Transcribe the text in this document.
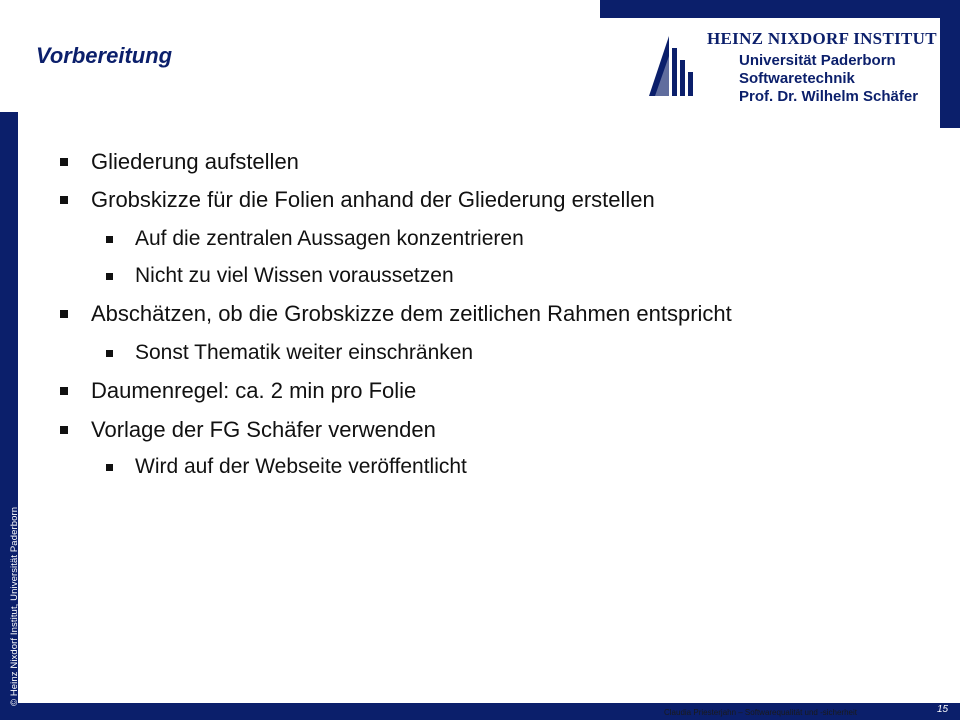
© Heinz Nixdorf Institut, Universität Paderborn
Vorbereitung
HEINZ NIXDORF INSTITUT
Universität Paderborn
Softwaretechnik
Prof. Dr. Wilhelm Schäfer
Gliederung aufstellen
Grobskizze für die Folien anhand der Gliederung erstellen
Auf die zentralen Aussagen konzentrieren
Nicht zu viel Wissen voraussetzen
Abschätzen, ob die Grobskizze dem zeitlichen Rahmen entspricht
Sonst Thematik weiter einschränken
Daumenregel: ca. 2 min pro Folie
Vorlage der FG Schäfer verwenden
Wird auf der Webseite veröffentlicht
Claudia Priesterjahn – Softwarequalität und -sicherheit	15
